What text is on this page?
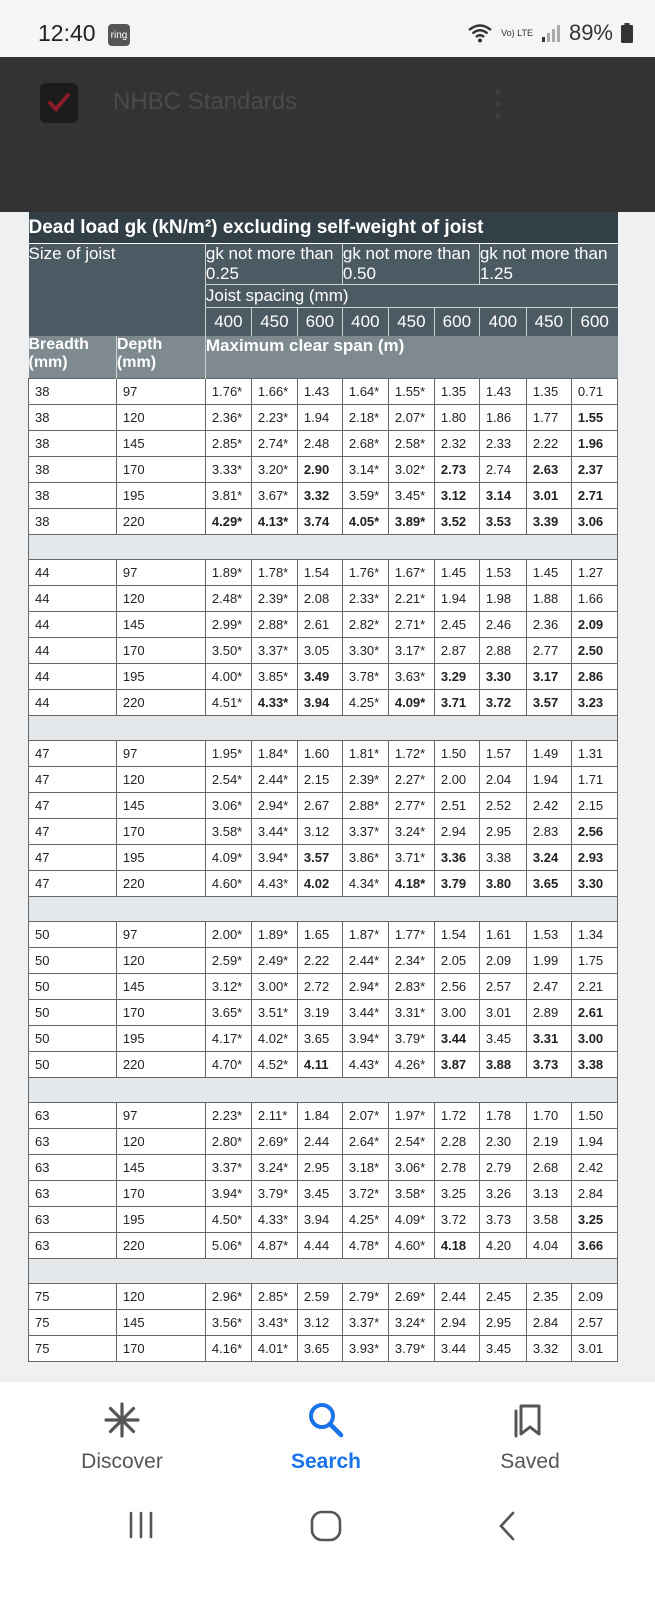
12:40 ring	Vo) LTE 89%
NHBC Standards
Dead load gk (kN/m²) excluding self-weight of joist										
Size of joist		gk not more than 0.25			gk not more than 0.50			gk not more than 1.25		
		Joist spacing (mm)								
		400	450	600	400	450	600	400	450	600
Breadth (mm)	Depth (mm)	Maximum clear span (m)								
38	97	1.76*	1.66*	1.43	1.64*	1.55*	1.35	1.43	1.35	0.71
38	120	2.36*	2.23*	1.94	2.18*	2.07*	1.80	1.86	1.77	1.55
38	145	2.85*	2.74*	2.48	2.68*	2.58*	2.32	2.33	2.22	1.96
38	170	3.33*	3.20*	2.90	3.14*	3.02*	2.73	2.74	2.63	2.37
38	195	3.81*	3.67*	3.32	3.59*	3.45*	3.12	3.14	3.01	2.71
38	220	4.29*	4.13*	3.74	4.05*	3.89*	3.52	3.53	3.39	3.06

44	97	1.89*	1.78*	1.54	1.76*	1.67*	1.45	1.53	1.45	1.27
44	120	2.48*	2.39*	2.08	2.33*	2.21*	1.94	1.98	1.88	1.66
44	145	2.99*	2.88*	2.61	2.82*	2.71*	2.45	2.46	2.36	2.09
44	170	3.50*	3.37*	3.05	3.30*	3.17*	2.87	2.88	2.77	2.50
44	195	4.00*	3.85*	3.49	3.78*	3.63*	3.29	3.30	3.17	2.86
44	220	4.51*	4.33*	3.94	4.25*	4.09*	3.71	3.72	3.57	3.23

47	97	1.95*	1.84*	1.60	1.81*	1.72*	1.50	1.57	1.49	1.31
47	120	2.54*	2.44*	2.15	2.39*	2.27*	2.00	2.04	1.94	1.71
47	145	3.06*	2.94*	2.67	2.88*	2.77*	2.51	2.52	2.42	2.15
47	170	3.58*	3.44*	3.12	3.37*	3.24*	2.94	2.95	2.83	2.56
47	195	4.09*	3.94*	3.57	3.86*	3.71*	3.36	3.38	3.24	2.93
47	220	4.60*	4.43*	4.02	4.34*	4.18*	3.79	3.80	3.65	3.30

50	97	2.00*	1.89*	1.65	1.87*	1.77*	1.54	1.61	1.53	1.34
50	120	2.59*	2.49*	2.22	2.44*	2.34*	2.05	2.09	1.99	1.75
50	145	3.12*	3.00*	2.72	2.94*	2.83*	2.56	2.57	2.47	2.21
50	170	3.65*	3.51*	3.19	3.44*	3.31*	3.00	3.01	2.89	2.61
50	195	4.17*	4.02*	3.65	3.94*	3.79*	3.44	3.45	3.31	3.00
50	220	4.70*	4.52*	4.11	4.43*	4.26*	3.87	3.88	3.73	3.38

63	97	2.23*	2.11*	1.84	2.07*	1.97*	1.72	1.78	1.70	1.50
63	120	2.80*	2.69*	2.44	2.64*	2.54*	2.28	2.30	2.19	1.94
63	145	3.37*	3.24*	2.95	3.18*	3.06*	2.78	2.79	2.68	2.42
63	170	3.94*	3.79*	3.45	3.72*	3.58*	3.25	3.26	3.13	2.84
63	195	4.50*	4.33*	3.94	4.25*	4.09*	3.72	3.73	3.58	3.25
63	220	5.06*	4.87*	4.44	4.78*	4.60*	4.18	4.20	4.04	3.66

75	120	2.96*	2.85*	2.59	2.79*	2.69*	2.44	2.45	2.35	2.09
75	145	3.56*	3.43*	3.12	3.37*	3.24*	2.94	2.95	2.84	2.57
75	170	4.16*	4.01*	3.65	3.93*	3.79*	3.44	3.45	3.32	3.01
Discover	Search	Saved
